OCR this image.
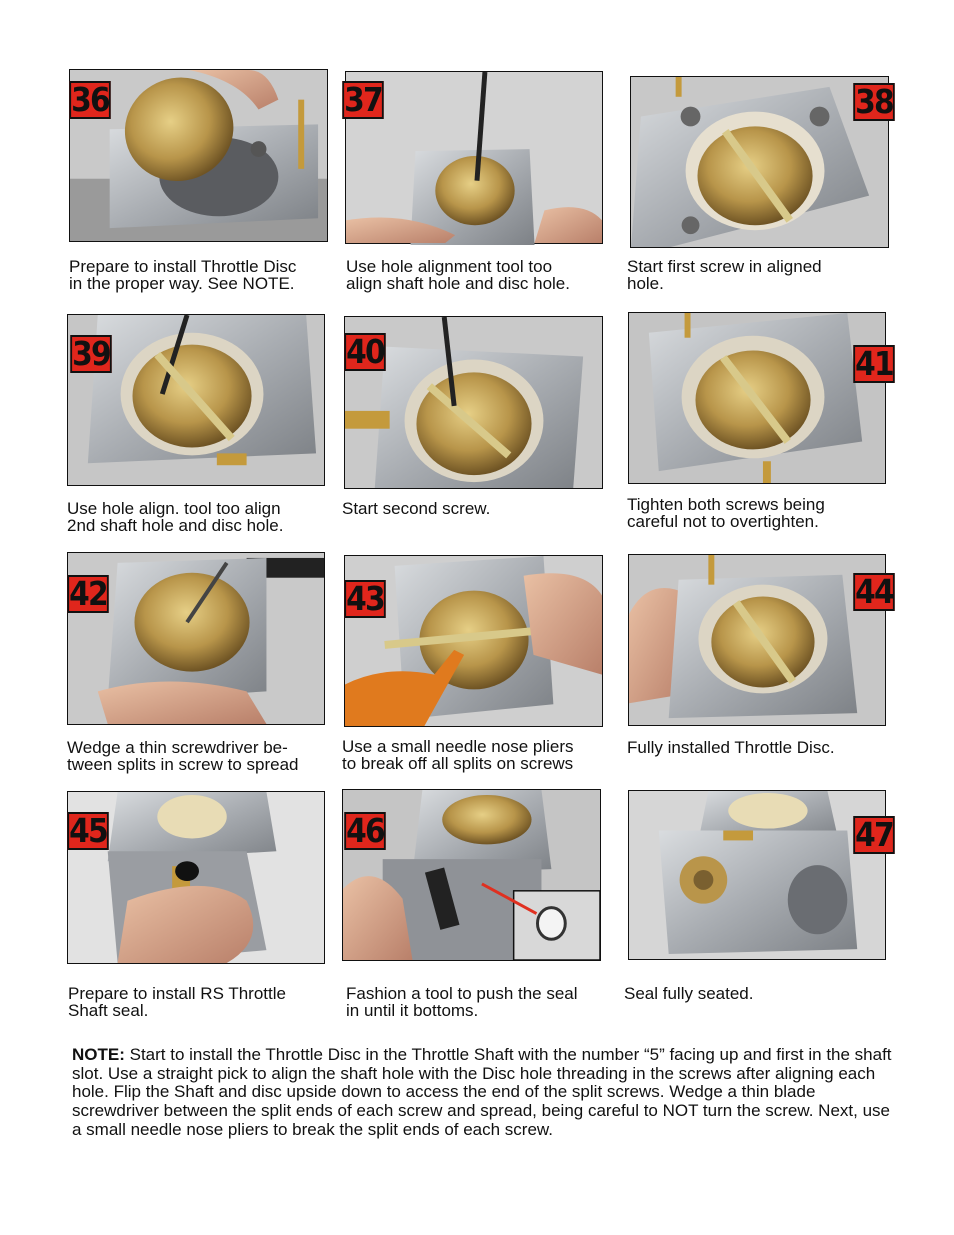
36	37	38
Prepare to install Throttle Disc
in the proper way. See NOTE.
Use hole alignment tool too
align shaft hole and disc hole.
Start first screw in aligned
hole.
39	40	41
Use hole align. tool too align
2nd shaft hole and disc hole.
Start second screw.	Tighten both screws being
careful not to overtighten.
42	43	44
Wedge a thin screwdriver be-
tween splits in screw to spread
Use a small needle nose pliers
to break off all splits on screws
Fully installed Throttle Disc.
45	46	47
Prepare to install RS Throttle
Shaft seal.
Fashion a tool to push the seal
in until it bottoms.
Seal fully seated.
NOTE: Start to install the Throttle Disc in the Throttle Shaft with the number “5” facing up and first in the shaft slot. Use a straight pick to align the shaft hole with the Disc hole threading in the screws after aligning each hole. Flip the Shaft and disc upside down to access the end of the split screws. Wedge a thin blade screwdriver between the split ends of each screw and spread, being careful to NOT turn the screw. Next, use a small needle nose pliers to break the split ends of each screw.
